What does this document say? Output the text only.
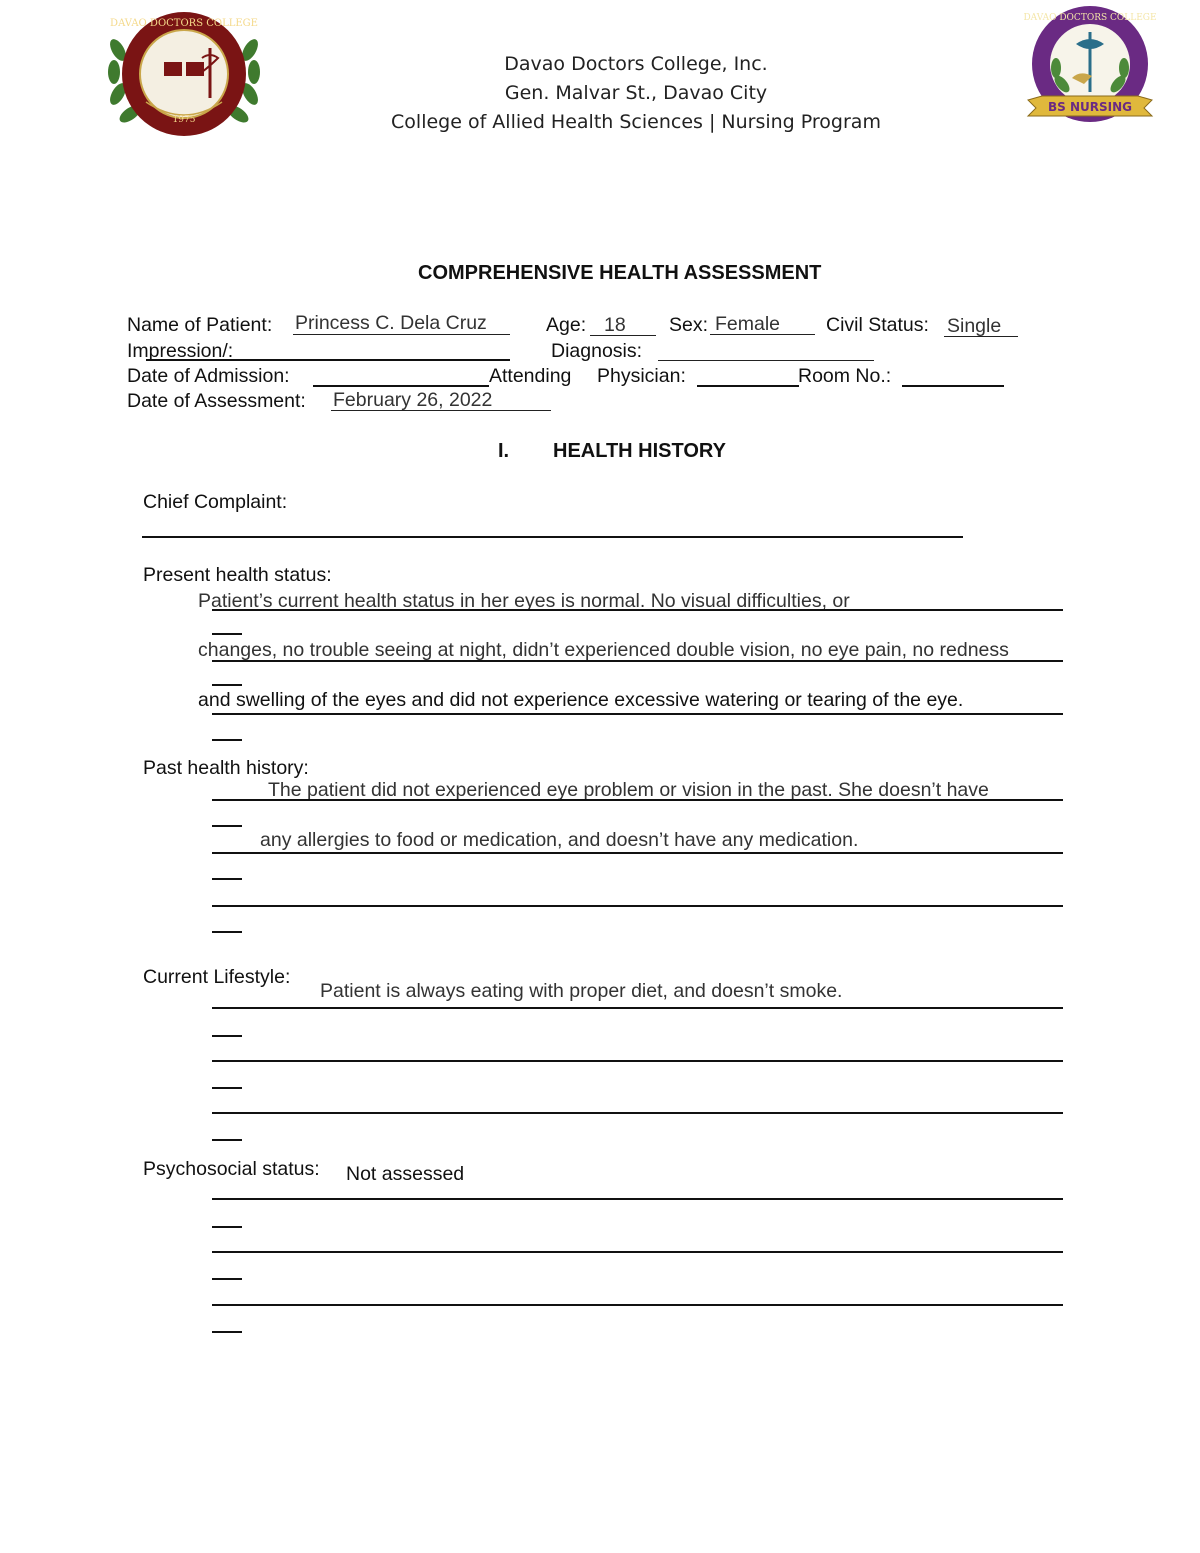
DAVAO DOCTORS COLLEGE
1975
DAVAO DOCTORS COLLEGE
BS NURSING
Davao Doctors College, Inc.
Gen. Malvar St., Davao City
College of Allied Health Sciences | Nursing Program
COMPREHENSIVE HEALTH ASSESSMENT
Name of Patient: Princess C. Dela Cruz	Age: 18 Sex: Female Civil Status: Single
Impression/:	Diagnosis:
Date of Admission:	Attending Physician:	Room No.:
Date of Assessment: February 26, 2022
I. HEALTH HISTORY
Chief Complaint:
Present health status:
Patient’s current health status in her eyes is normal. No visual difficulties, or
changes, no trouble seeing at night, didn’t experienced double vision, no eye pain, no redness
and swelling of the eyes and did not experience excessive watering or tearing of the eye.
Past health history:
The patient did not experienced eye problem or vision in the past. She doesn’t have
any allergies to food or medication, and doesn’t have any medication.
Current Lifestyle:
Patient is always eating with proper diet, and doesn’t smoke.
Psychosocial status: Not assessed
